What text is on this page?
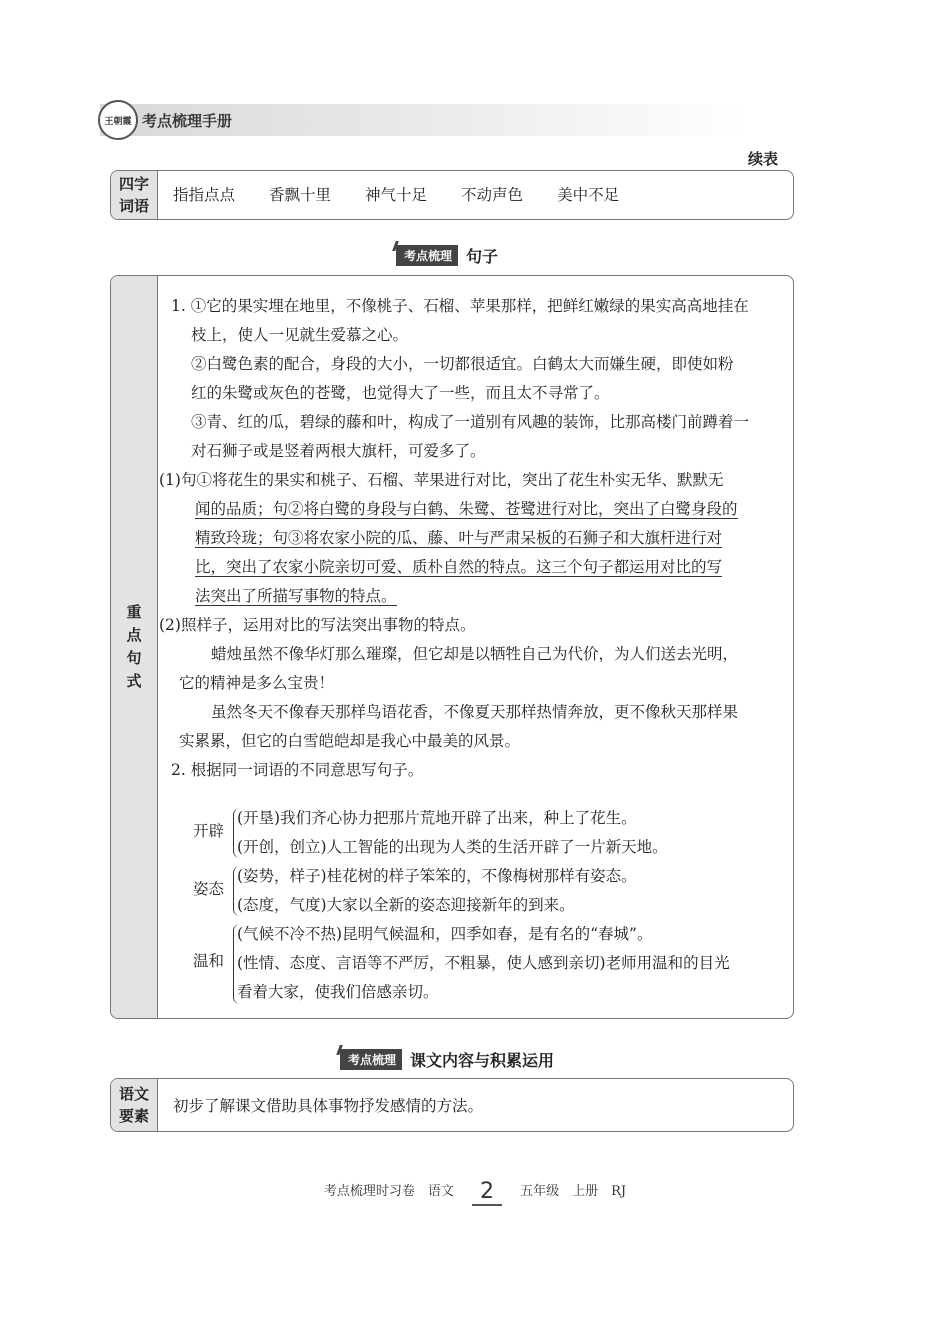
王朝霞 考点梳理手册
续表
四字
词语
指指点点 香飘十里 神气十足 不动声色 美中不足
考点梳理 句子
重
点
句
式
1. ①它的果实埋在地里，不像桃子、石榴、苹果那样，把鲜红嫩绿的果实高高地挂在
枝上，使人一见就生爱慕之心。
②白鹭色素的配合，身段的大小，一切都很适宜。白鹤太大而嫌生硬，即使如粉
红的朱鹭或灰色的苍鹭，也觉得大了一些，而且太不寻常了。
③青、红的瓜，碧绿的藤和叶，构成了一道别有风趣的装饰，比那高楼门前蹲着一
对石狮子或是竖着两根大旗杆，可爱多了。
(1)句①将花生的果实和桃子、石榴、苹果进行对比，突出了花生朴实无华、默默无
闻的品质；句②将白鹭的身段与白鹤、朱鹭、苍鹭进行对比，突出了白鹭身段的
精致玲珑；句③将农家小院的瓜、藤、叶与严肃呆板的石狮子和大旗杆进行对
比，突出了农家小院亲切可爱、质朴自然的特点。这三个句子都运用对比的写
法突出了所描写事物的特点。
(2)照样子，运用对比的写法突出事物的特点。
蜡烛虽然不像华灯那么璀璨，但它却是以牺牲自己为代价，为人们送去光明，
它的精神是多么宝贵！
虽然冬天不像春天那样鸟语花香，不像夏天那样热情奔放，更不像秋天那样果
实累累，但它的白雪皑皑却是我心中最美的风景。
2. 根据同一词语的不同意思写句子。
开辟
(开垦)我们齐心协力把那片荒地开辟了出来，种上了花生。
(开创，创立)人工智能的出现为人类的生活开辟了一片新天地。
姿态
(姿势，样子)桂花树的样子笨笨的，不像梅树那样有姿态。
(态度，气度)大家以全新的姿态迎接新年的到来。
温和
(气候不冷不热)昆明气候温和，四季如春，是有名的“春城”。
(性情、态度、言语等不严厉，不粗暴，使人感到亲切)老师用温和的目光
看着大家，使我们倍感亲切。
考点梳理 课文内容与积累运用
语文
要素
初步了解课文借助具体事物抒发感情的方法。
考点梳理时习卷　语文 2 五年级　上册　RJ
